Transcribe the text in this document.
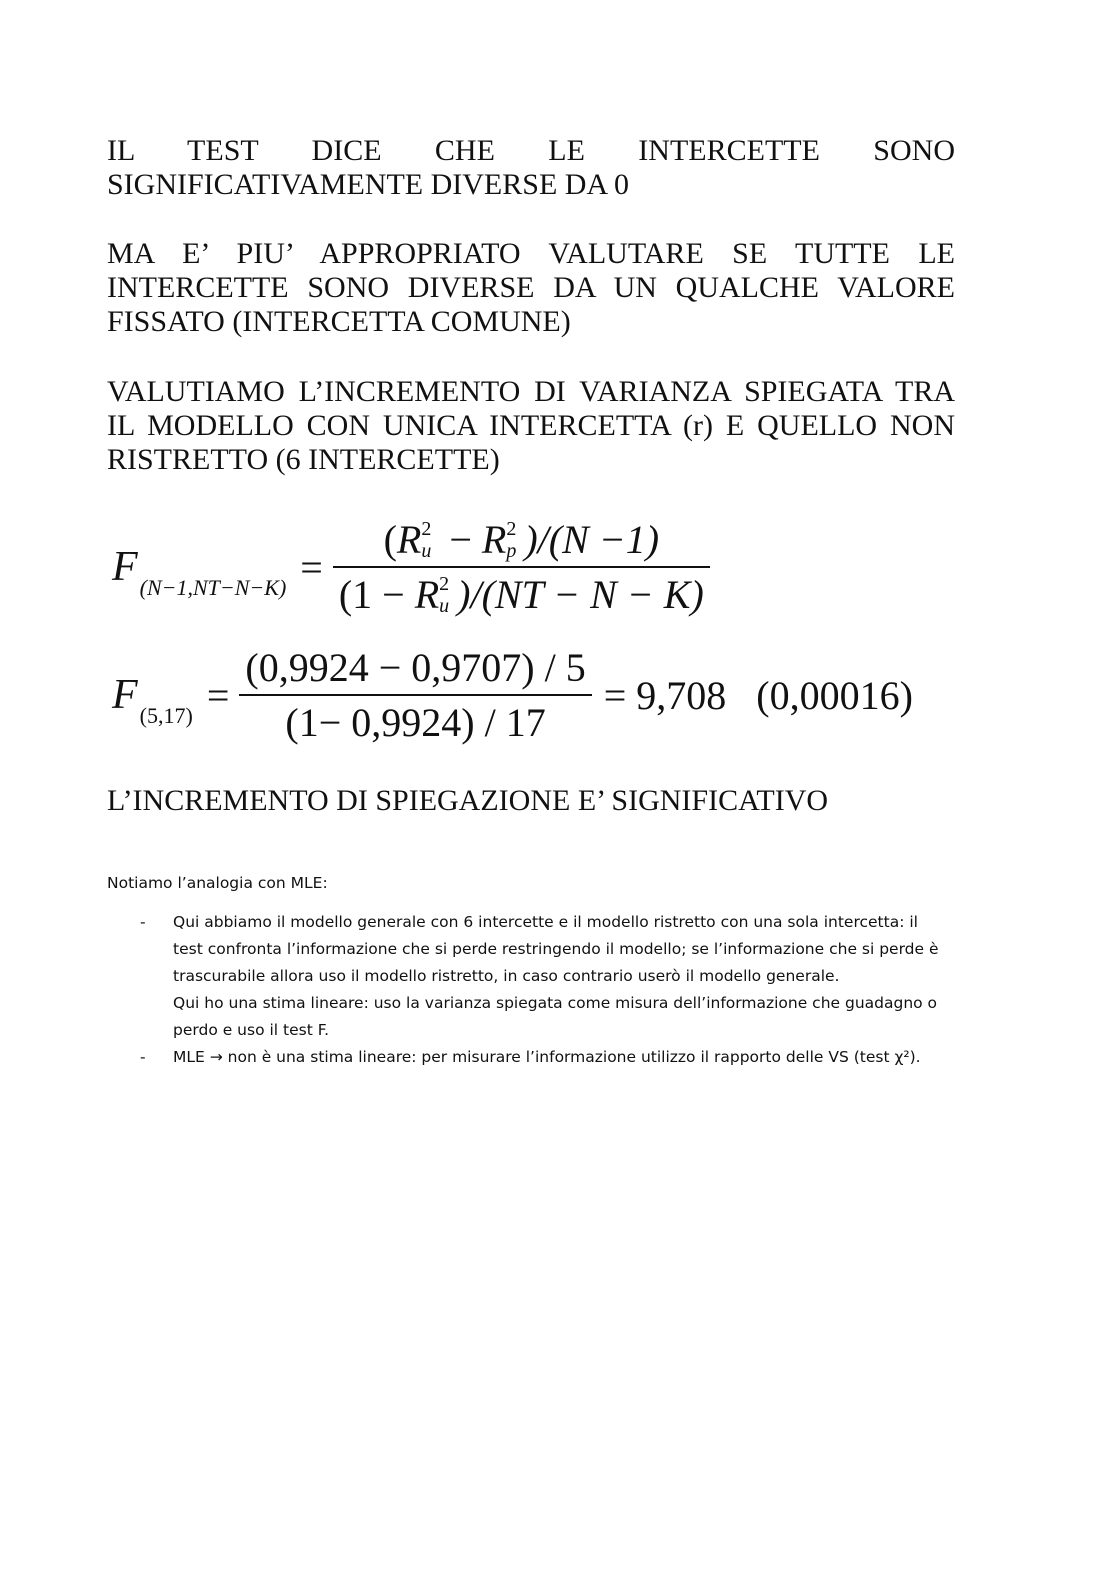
IL TEST DICE CHE LE INTERCETTE SONO
SIGNIFICATIVAMENTE DIVERSE DA 0
MA E’ PIU’ APPROPRIATO VALUTARE SE TUTTE LE INTERCETTE SONO DIVERSE DA UN QUALCHE VALORE FISSATO (INTERCETTA COMUNE)
VALUTIAMO L’INCREMENTO DI VARIANZA SPIEGATA TRA IL MODELLO CON UNICA INTERCETTA (r) E QUELLO NON RISTRETTO (6 INTERCETTE)
F (N−1,NT−N−K) = (R 2
u − R 2
p )/(N −1)
(1 − R 2
u )/(NT − N − K)
F $(5,17) = \frac{(0,9924 - 0,9707) / 5}{(1- 0,9924) / 17} = 9,708$ (0,00016)
L’INCREMENTO DI SPIEGAZIONE E’ SIGNIFICATIVO
Notiamo l’analogia con MLE:
- Qui abbiamo il modello generale con 6 intercette e il modello ristretto con una sola intercetta: il
test confronta l’informazione che si perde restringendo il modello; se l’informazione che si perde è
trascurabile allora uso il modello ristretto, in caso contrario userò il modello generale.
Qui ho una stima lineare: uso la varianza spiegata come misura dell’informazione che guadagno o
perdo e uso il test F.
- MLE → non è una stima lineare: per misurare l’informazione utilizzo il rapporto delle VS (test χ²).
